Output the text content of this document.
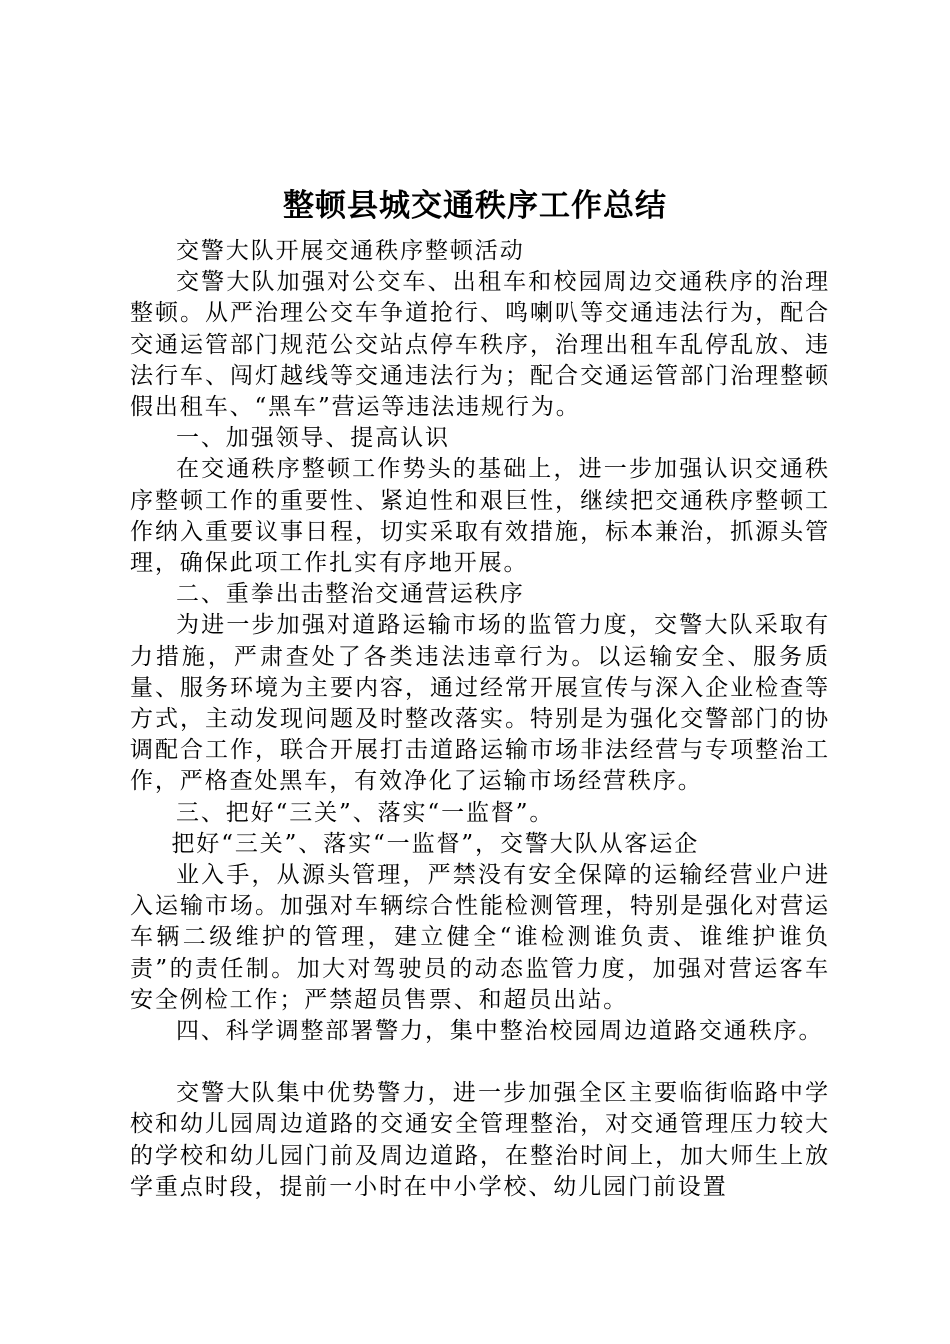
整顿县城交通秩序工作总结

交警大队开展交通秩序整顿活动

交警大队加强对公交车、出租车和校园周边交通秩序的治理整顿。从严治理公交车争道抢行、鸣喇叭等交通违法行为，配合交通运管部门规范公交站点停车秩序，治理出租车乱停乱放、违法行车、闯灯越线等交通违法行为；配合交通运管部门治理整顿假出租车、“黑车”营运等违法违规行为。

一、加强领导、提高认识

在交通秩序整顿工作势头的基础上，进一步加强认识交通秩序整顿工作的重要性、紧迫性和艰巨性，继续把交通秩序整顿工作纳入重要议事日程，切实采取有效措施，标本兼治，抓源头管理，确保此项工作扎实有序地开展。

二、重拳出击整治交通营运秩序

为进一步加强对道路运输市场的监管力度，交警大队采取有力措施，严肃查处了各类违法违章行为。以运输安全、服务质量、服务环境为主要内容，通过经常开展宣传与深入企业检查等方式，主动发现问题及时整改落实。特别是为强化交警部门的协调配合工作，联合开展打击道路运输市场非法经营与专项整治工作，严格查处黑车，有效净化了运输市场经营秩序。

三、把好“三关”、落实“一监督”。

把好“三关”、落实“一监督”，交警大队从客运企

业入手，从源头管理，严禁没有安全保障的运输经营业户进入运输市场。加强对车辆综合性能检测管理，特别是强化对营运车辆二级维护的管理，建立健全“谁检测谁负责、谁维护谁负责”的责任制。加大对驾驶员的动态监管力度，加强对营运客车安全例检工作；严禁超员售票、和超员出站。

四、科学调整部署警力，集中整治校园周边道路交通秩序。

交警大队集中优势警力，进一步加强全区主要临街临路中学校和幼儿园周边道路的交通安全管理整治，对交通管理压力较大的学校和幼儿园门前及周边道路，在整治时间上，加大师生上放学重点时段，提前一小时在中小学校、幼儿园门前设置
